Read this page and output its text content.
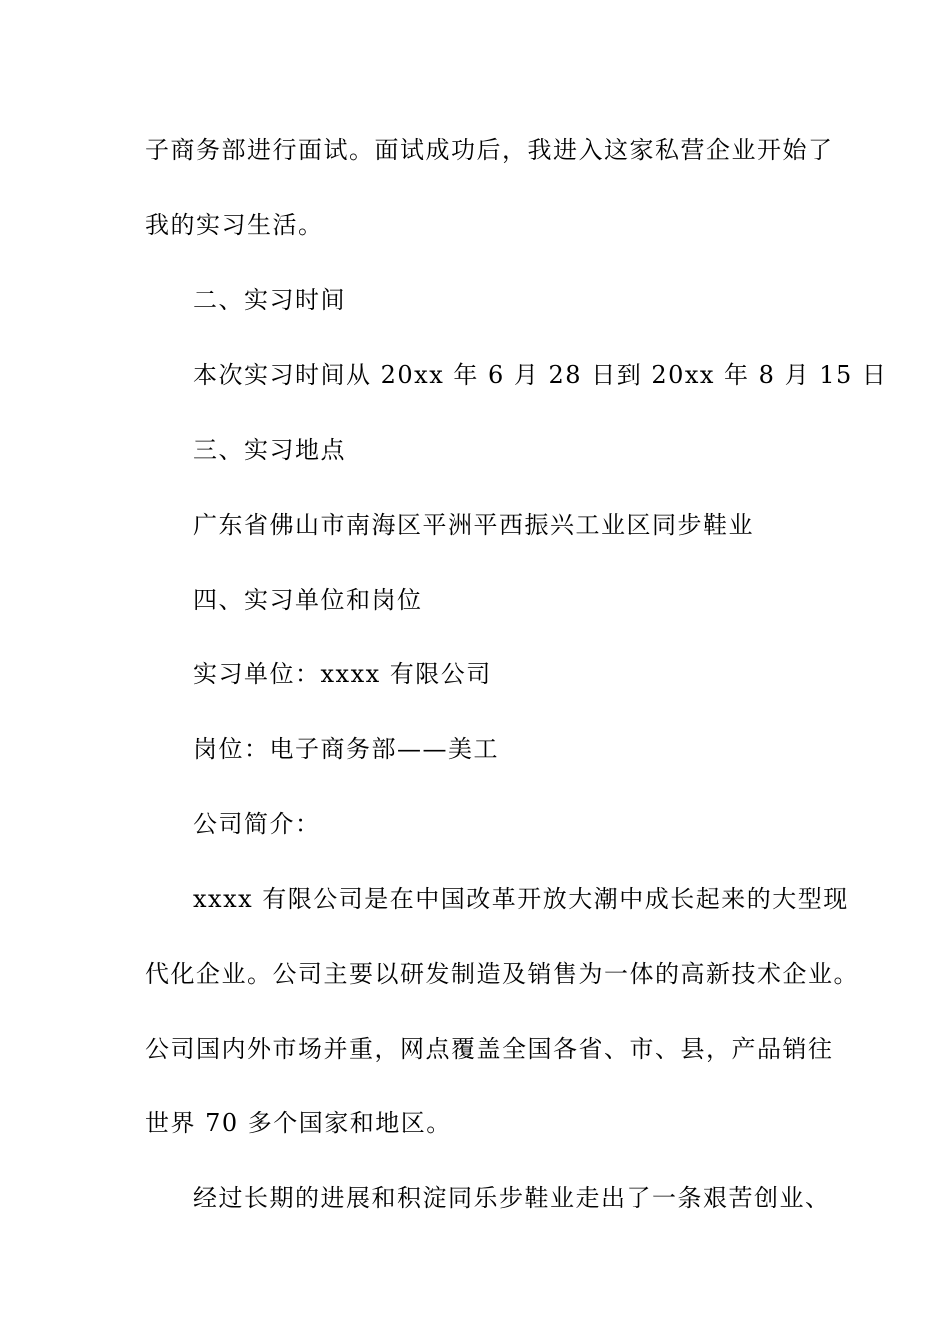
子商务部进行面试。面试成功后，我进入这家私营企业开始了
我的实习生活。
二、实习时间
本次实习时间从 20xx 年 6 月 28 日到 20xx 年 8 月 15 日
三、实习地点
广东省佛山市南海区平洲平西振兴工业区同步鞋业
四、实习单位和岗位
实习单位：xxxx 有限公司
岗位：电子商务部——美工
公司简介：
xxxx 有限公司是在中国改革开放大潮中成长起来的大型现
代化企业。公司主要以研发制造及销售为一体的高新技术企业。
公司国内外市场并重，网点覆盖全国各省、市、县，产品销往
世界 70 多个国家和地区。
经过长期的进展和积淀同乐步鞋业走出了一条艰苦创业、
